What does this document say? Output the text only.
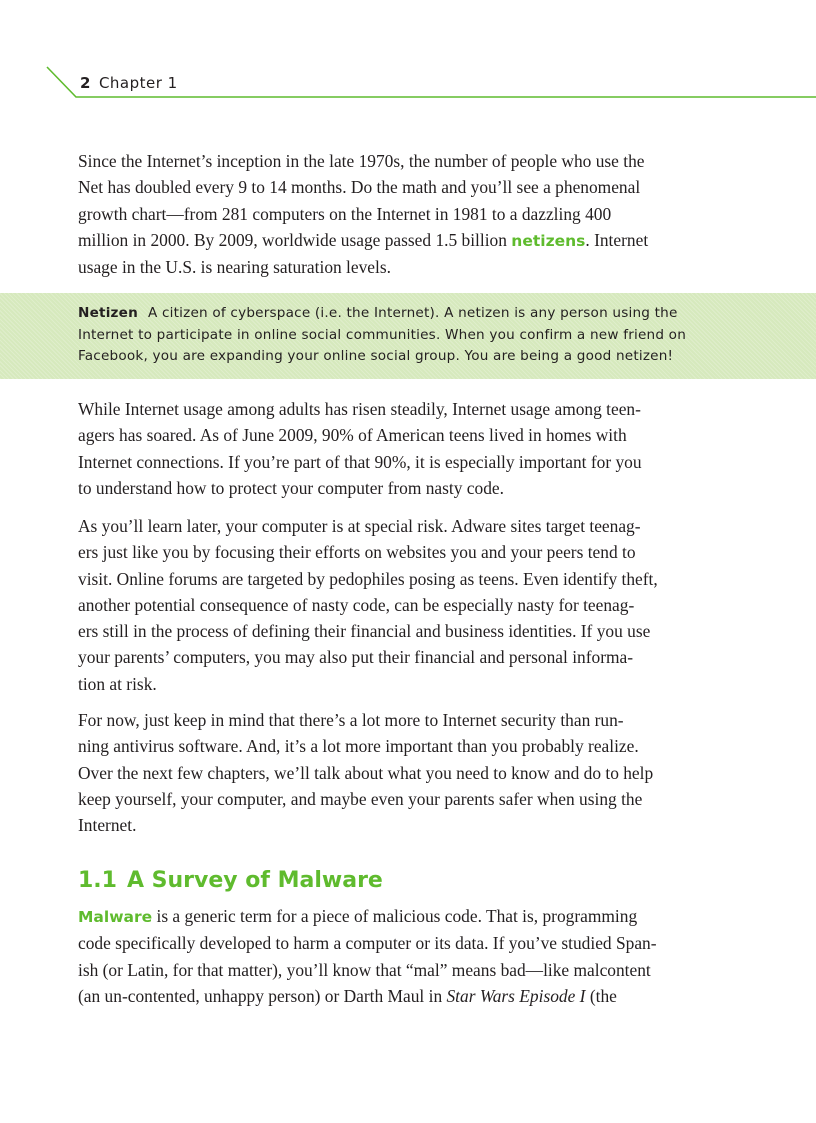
2 Chapter 1

Since the Internet’s inception in the late 1970s, the number of people who use the
Net has doubled every 9 to 14 months. Do the math and you’ll see a phenomenal
growth chart—from 281 computers on the Internet in 1981 to a dazzling 400
million in 2000. By 2009, worldwide usage passed 1.5 billion netizens. Internet
usage in the U.S. is nearing saturation levels.

Netizen A citizen of cyberspace (i.e. the Internet). A netizen is any person using the
Internet to participate in online social communities. When you confirm a new friend on
Facebook, you are expanding your online social group. You are being a good netizen!

While Internet usage among adults has risen steadily, Internet usage among teen-
agers has soared. As of June 2009, 90% of American teens lived in homes with
Internet connections. If you’re part of that 90%, it is especially important for you
to understand how to protect your computer from nasty code.

As you’ll learn later, your computer is at special risk. Adware sites target teenag-
ers just like you by focusing their efforts on websites you and your peers tend to
visit. Online forums are targeted by pedophiles posing as teens. Even identify theft,
another potential consequence of nasty code, can be especially nasty for teenag-
ers still in the process of defining their financial and business identities. If you use
your parents’ computers, you may also put their financial and personal informa-
tion at risk.

For now, just keep in mind that there’s a lot more to Internet security than run-
ning antivirus software. And, it’s a lot more important than you probably realize.
Over the next few chapters, we’ll talk about what you need to know and do to help
keep yourself, your computer, and maybe even your parents safer when using the
Internet.

1.1 A Survey of Malware

Malware is a generic term for a piece of malicious code. That is, programming
code specifically developed to harm a computer or its data. If you’ve studied Span-
ish (or Latin, for that matter), you’ll know that “mal” means bad—like malcontent
(an un-contented, unhappy person) or Darth Maul in Star Wars Episode I (the
